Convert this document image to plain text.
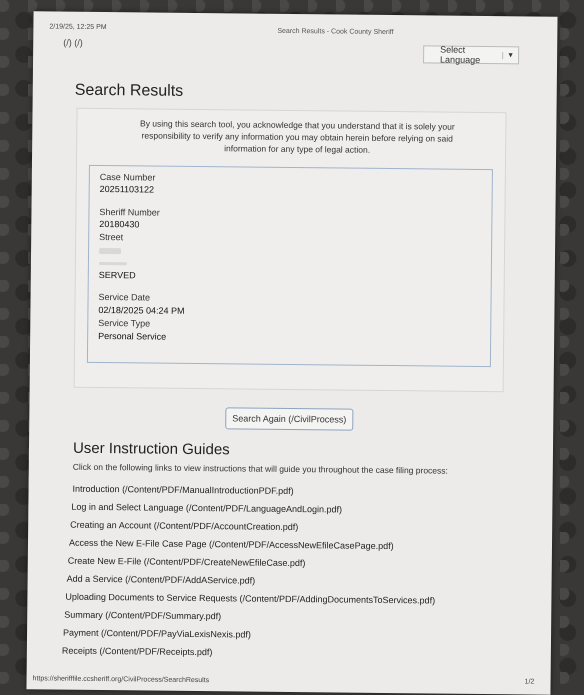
2/19/25, 12:25 PM
Search Results - Cook County Sheriff
(/) (/)
Select Language	▼
Search Results
By using this search tool, you acknowledge that you understand that it is solely your responsibility to verify any information you may obtain herein before relying on said information for any type of legal action.
Case Number
20251103122
Sheriff Number
20180430
Street
SERVED
Service Date
02/18/2025 04:24 PM
Service Type
Personal Service
Search Again (/CivilProcess)
User Instruction Guides
Click on the following links to view instructions that will guide you throughout the case filing process:
Introduction (/Content/PDF/ManualIntroductionPDF.pdf)
Log in and Select Language (/Content/PDF/LanguageAndLogin.pdf)
Creating an Account (/Content/PDF/AccountCreation.pdf)
Access the New E-File Case Page (/Content/PDF/AccessNewEfileCasePage.pdf)
Create New E-File (/Content/PDF/CreateNewEfileCase.pdf)
Add a Service (/Content/PDF/AddAService.pdf)
Uploading Documents to Service Requests (/Content/PDF/AddingDocumentsToServices.pdf)
Summary (/Content/PDF/Summary.pdf)
Payment (/Content/PDF/PayViaLexisNexis.pdf)
Receipts (/Content/PDF/Receipts.pdf)
https://sherifffile.ccsheriff.org/CivilProcess/SearchResults	1/2
